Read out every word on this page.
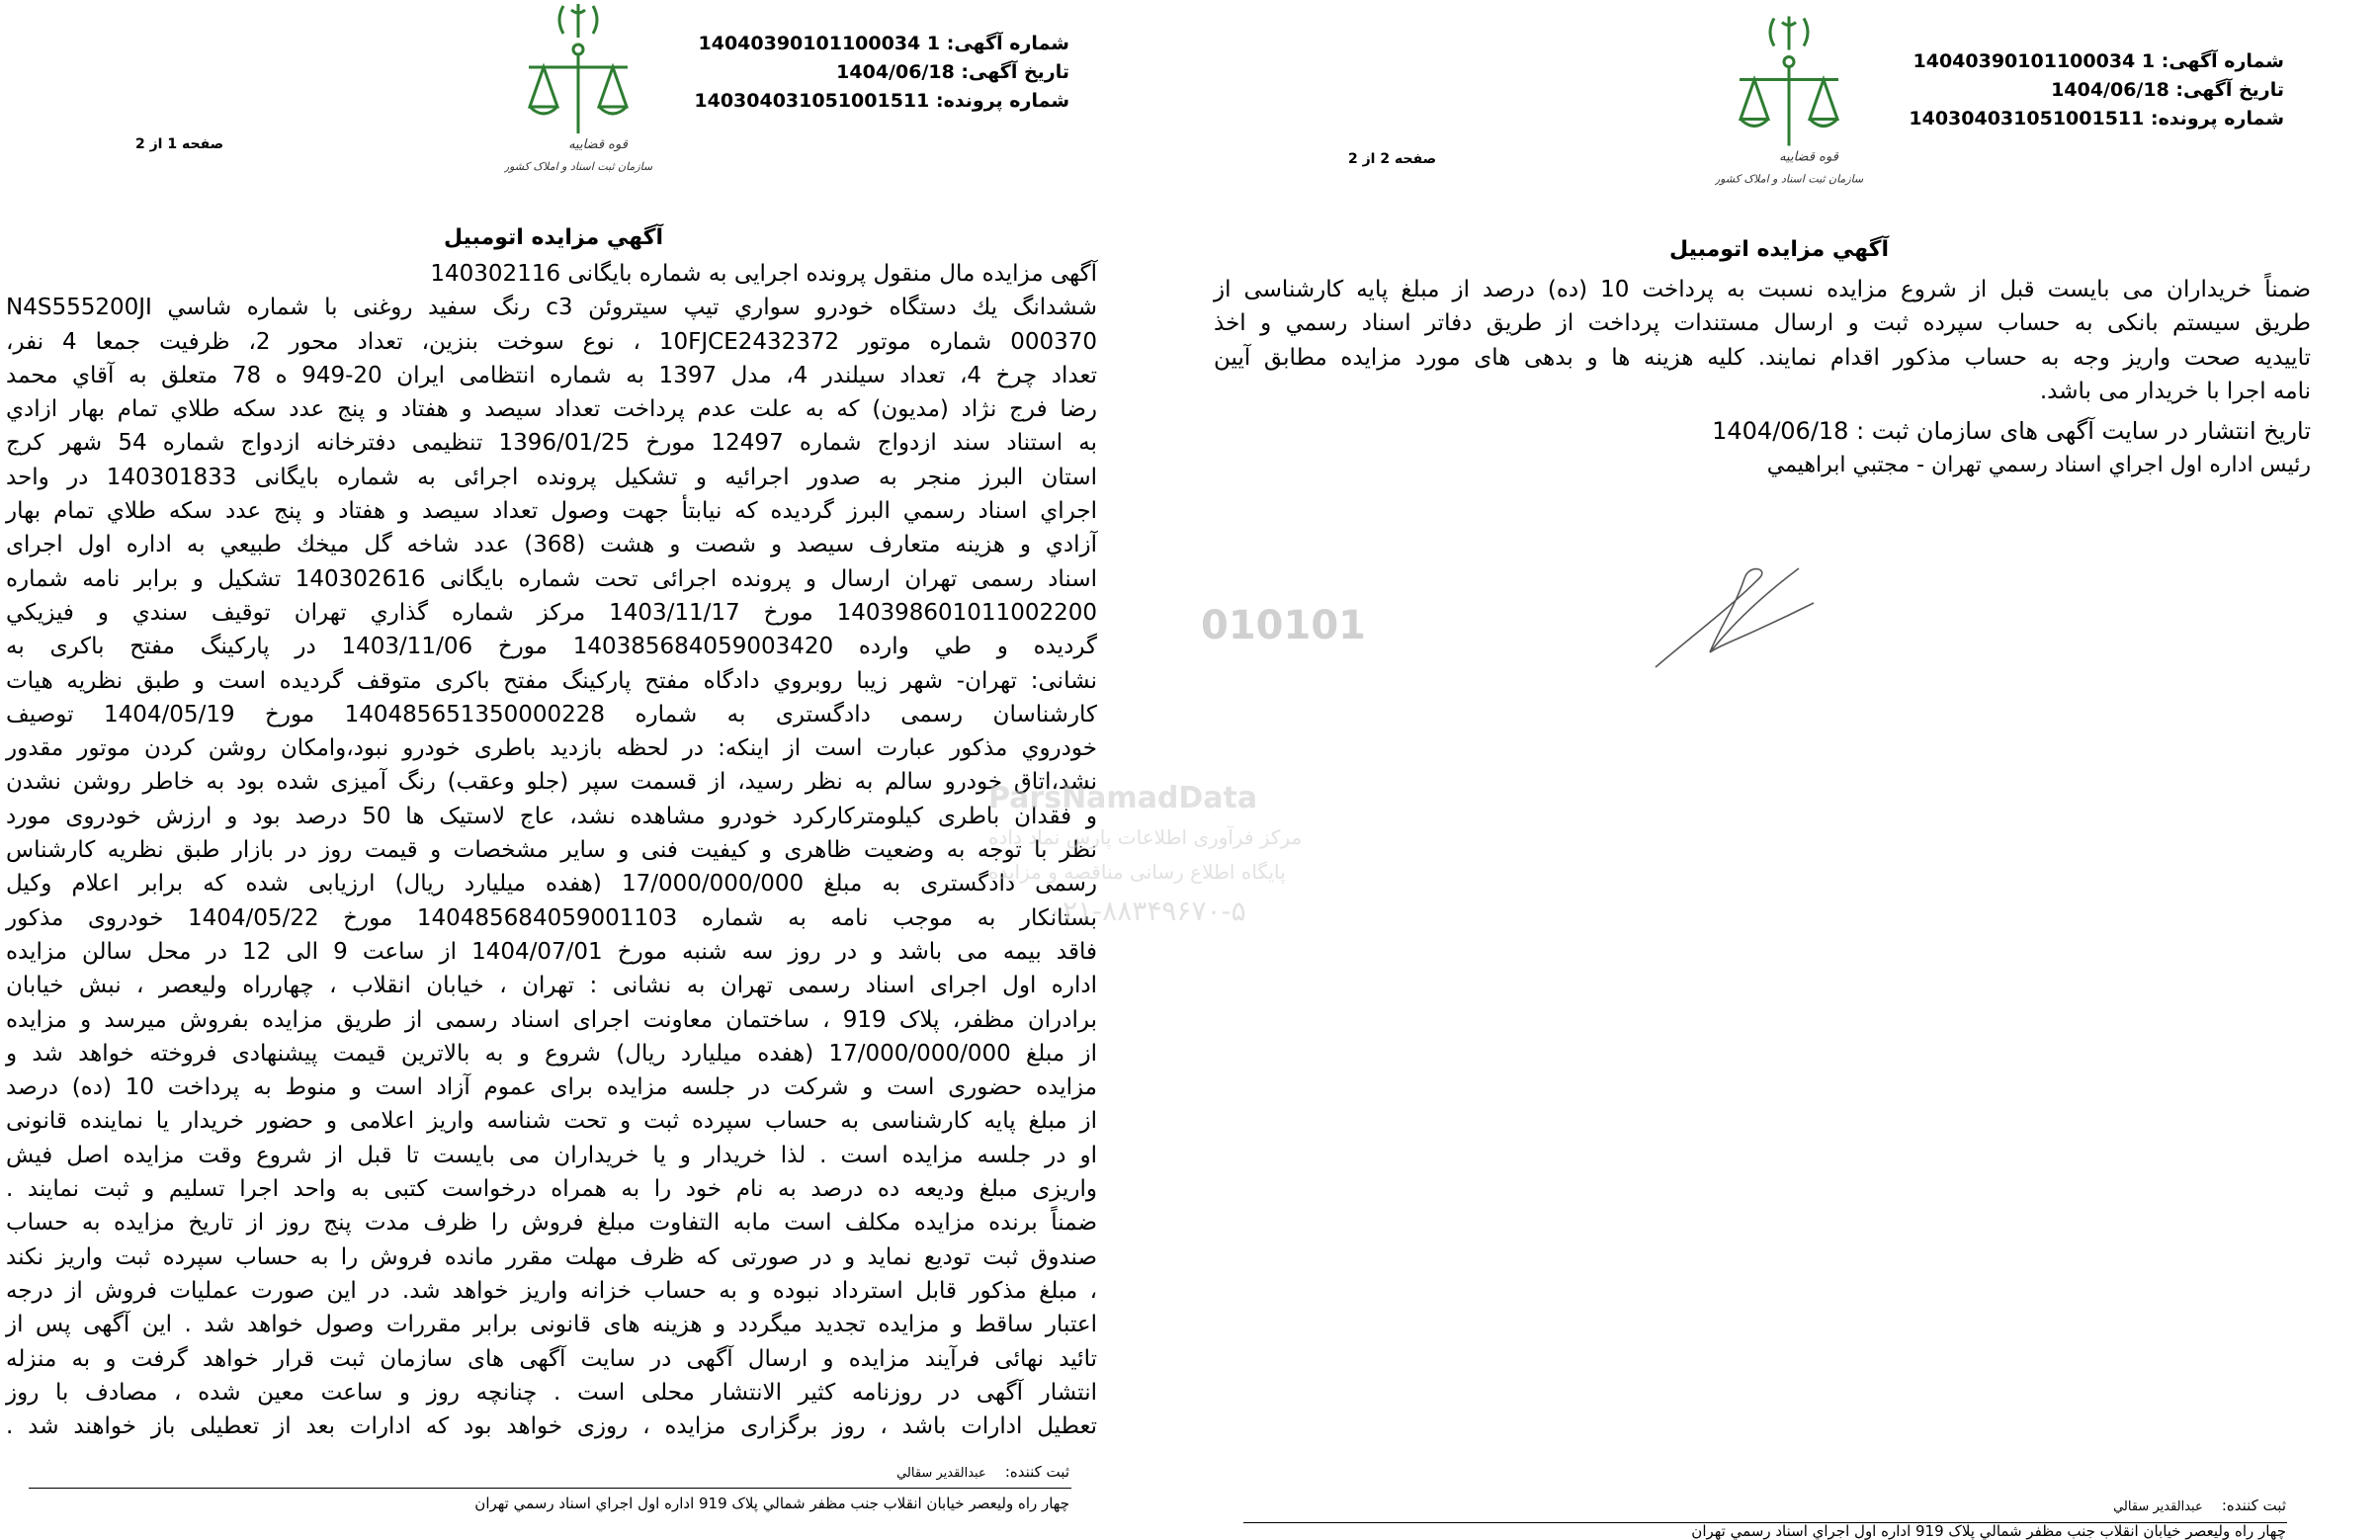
شماره آگهی: 14040390101100034 1
تاریخ آگهی: 1404/06/18
شماره پرونده: 140304031051001511
قوه قضاییه
سازمان ثبت اسناد و املاک کشور
صفحه 1 از 2
آگهي مزايده اتومبيل
آگهی مزایده مال منقول پرونده اجرایی به شماره بایگانی 140302116
ششدانگ يك دستگاه خودرو سواري تيپ سيتروئن c3 رنگ سفيد روغنی با شماره شاسي N4S555200JI
000370 شماره موتور 10FJCE2432372 ، نوع سوخت بنزین، تعداد محور 2، ظرفیت جمعا 4 نفر،
تعداد چرخ 4، تعداد سیلندر 4، مدل 1397 به شماره انتظامی ایران 20-949 ه 78 متعلق به آقاي محمد
رضا فرج نژاد (مدیون) که به علت عدم پرداخت تعداد سیصد و هفتاد و پنج عدد سکه طلاي تمام بهار ازادي
به استناد سند ازدواج شماره 12497 مورخ 1396/01/25 تنظیمی دفترخانه ازدواج شماره 54 شهر کرج
استان البرز منجر به صدور اجرائیه و تشکیل پرونده اجرائی به شماره بایگانی 140301833 در واحد
اجراي اسناد رسمي البرز گردیده که نیابتأ جهت وصول تعداد سیصد و هفتاد و پنج عدد سکه طلاي تمام بهار
آزادي و هزینه متعارف سیصد و شصت و هشت (368) عدد شاخه گل میخك طبیعي به اداره اول اجرای
اسناد رسمی تهران ارسال و پرونده اجرائی تحت شماره بایگانی 140302616 تشکیل و برابر نامه شماره
140398601011002200 مورخ 1403/11/17 مرکز شماره گذاري تهران توقيف سندي و فيزيكي
گرديده و طي وارده 140385684059003420 مورخ 1403/11/06 در پارکینگ مفتح باکری به
نشانی: تهران- شهر زیبا روبروي دادگاه مفتح پارکینگ مفتح باکری متوقف گردیده است و طبق نظریه هیات
کارشناسان رسمی دادگستری به شماره 140485651350000228 مورخ 1404/05/19 توصیف
خودروي مذکور عبارت است از اینکه: در لحظه بازدید باطری خودرو نبود،وامکان روشن کردن موتور مقدور
نشد،اتاق خودرو سالم به نظر رسید، از قسمت سپر (جلو وعقب) رنگ آمیزی شده بود به خاطر روشن نشدن
و فقدان باطری کیلومترکارکرد خودرو مشاهده نشد، عاج لاستیک ها 50 درصد بود و ارزش خودروی مورد
نظر با توجه به وضعیت ظاهری و کیفیت فنی و سایر مشخصات و قیمت روز در بازار طبق نظریه کارشناس
رسمی دادگستری به مبلغ 17/000/000/000 (هفده میلیارد ریال) ارزیابی شده که برابر اعلام وکیل
بستانکار به موجب نامه به شماره 140485684059001103 مورخ 1404/05/22 خودروی مذکور
فاقد بیمه می باشد و در روز سه شنبه مورخ 1404/07/01 از ساعت 9 الی 12 در محل سالن مزایده
اداره اول اجرای اسناد رسمی تهران به نشانی : تهران ، خیابان انقلاب ، چهارراه ولیعصر ، نبش خیابان
برادران مظفر، پلاک 919 ، ساختمان معاونت اجرای اسناد رسمی از طریق مزایده بفروش میرسد و مزایده
از مبلغ 17/000/000/000 (هفده میلیارد ریال) شروع و به بالاترین قیمت پیشنهادی فروخته خواهد شد و
مزایده حضوری است و شرکت در جلسه مزایده برای عموم آزاد است و منوط به پرداخت 10 (ده) درصد
از مبلغ پایه کارشناسی به حساب سپرده ثبت و تحت شناسه واریز اعلامی و حضور خریدار یا نماینده قانونی
او در جلسه مزایده است . لذا خریدار و یا خریداران می بایست تا قبل از شروع وقت مزایده اصل فیش
واریزی مبلغ ودیعه ده درصد به نام خود را به همراه درخواست کتبی به واحد اجرا تسلیم و ثبت نمایند .
ضمناً برنده مزایده مکلف است مابه التفاوت مبلغ فروش را ظرف مدت پنج روز از تاریخ مزایده به حساب
صندوق ثبت تودیع نماید و در صورتی که ظرف مهلت مقرر مانده فروش را به حساب سپرده ثبت واریز نکند
، مبلغ مذکور قابل استرداد نبوده و به حساب خزانه واریز خواهد شد. در این صورت عملیات فروش از درجه
اعتبار ساقط و مزایده تجدید میگردد و هزینه های قانونی برابر مقررات وصول خواهد شد . این آگهی پس از
تائید نهائی فرآیند مزایده و ارسال آگهی در سایت آگهی های سازمان ثبت قرار خواهد گرفت و به منزله
انتشار آگهی در روزنامه کثیر الانتشار محلی است . چنانچه روز و ساعت معین شده ، مصادف با روز
تعطیل ادارات باشد ، روز برگزاری مزایده ، روزی خواهد بود که ادارات بعد از تعطیلی باز خواهند شد .
ثبت كننده:    عبدالقدير سقالي
چهار راه وليعصر خيابان انقلاب جنب مظفر شمالي پلاک 919 اداره اول اجراي اسناد رسمي تهران
010101
ParsNamadData
مرکز فرآوری اطلاعات پارس نماد داده
پایگاه اطلاع رسانی مناقصه و مزایده
۰۲۱-۸۸۳۴۹۶۷۰-۵
شماره آگهی: 14040390101100034 1
تاریخ آگهی: 1404/06/18
شماره پرونده: 140304031051001511
قوه قضاییه
سازمان ثبت اسناد و املاک کشور
صفحه 2 از 2
آگهي مزايده اتومبيل
ضمناً خریداران می بایست قبل از شروع مزایده نسبت به پرداخت 10 (ده) درصد از مبلغ پایه کارشناسی از
طریق سیستم بانکی به حساب سپرده ثبت و ارسال مستندات پرداخت از طریق دفاتر اسناد رسمي و اخذ
تاییدیه صحت واریز وجه به حساب مذکور اقدام نمایند. کلیه هزینه ها و بدهی های مورد مزایده مطابق آیین
نامه اجرا با خریدار می باشد.
تاریخ انتشار در سایت آگهی های سازمان ثبت : 1404/06/18
رئيس اداره اول اجراي اسناد رسمي تهران - مجتبي ابراهيمي
ثبت كننده:    عبدالقدير سقالي
چهار راه وليعصر خيابان انقلاب جنب مظفر شمالي پلاک 919 اداره اول اجراي اسناد رسمي تهران
